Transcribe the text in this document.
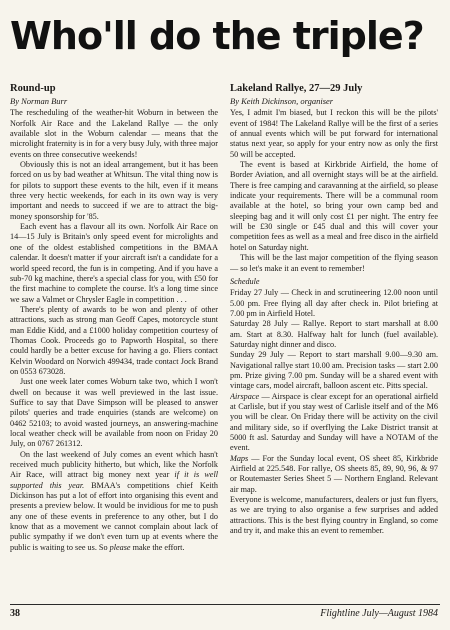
Who'll do the triple?
Round-up
By Norman Burr

The rescheduling of the weather-hit Woburn in between the Norfolk Air Race and the Lakeland Rallye — the only available slot in the Woburn calendar — means that the microlight fraternity is in for a very busy July, with three major events on three consecutive weekends!

Obviously this is not an ideal arrangement, but it has been forced on us by bad weather at Whitsun. The vital thing now is for pilots to support these events to the hilt, even if it means three very hectic weekends, for each in its own way is very important and needs to succeed if we are to attract the big-money sponsorship for '85.

Each event has a flavour all its own. Norfolk Air Race on 14—15 July is Britain's only speed event for microlights and one of the oldest established competitions in the BMAA calendar. It doesn't matter if your aircraft isn't a candidate for a world speed record, the fun is in competing. And if you have a sub-70 kg machine, there's a special class for you, with £50 for the first machine to complete the course. It's a long time since we saw a Valmet or Chrysler Eagle in competition . . .

There's plenty of awards to be won and plenty of other attractions, such as strong man Geoff Capes, motorcycle stunt man Eddie Kidd, and a £1000 holiday competition courtesy of Thomas Cook. Proceeds go to Papworth Hospital, so there could hardly be a better excuse for having a go. Fliers contact Kelvin Woodard on Norwich 499434, trade contact Jock Brand on 0553 673028.

Just one week later comes Woburn take two, which I won't dwell on because it was well previewed in the last issue. Suffice to say that Dave Simpson will be pleased to answer pilots' queries and trade enquiries (stands are welcome) on 0462 52103; to avoid wasted journeys, an answering-machine local weather check will be available from noon on Friday 20 July, on 0767 261312.

On the last weekend of July comes an event which hasn't received much publicity hitherto, but which, like the Norfolk Air Race, will attract big money next year if it is well supported this year. BMAA's competitions chief Keith Dickinson has put a lot of effort into organising this event and presents a preview below. It would be invidious for me to push any one of these events in preference to any other, but I do know that as a movement we cannot complain about lack of public sympathy if we don't even turn up at events where the public is waiting to see us. So please make the effort.

Lakeland Rallye, 27—29 July
By Keith Dickinson, organiser

Yes, I admit I'm biased, but I reckon this will be the pilots' event of 1984! The Lakeland Rallye will be the first of a series of annual events which will be put forward for international status next year, so apply for your entry now as only the first 50 will be accepted.

The event is based at Kirkbride Airfield, the home of Border Aviation, and all overnight stays will be at the airfield. There is free camping and caravanning at the airfield, so please indicate your requirements. There will be a communal room available at the hotel, so bring your own camp bed and sleeping bag and it will only cost £1 per night. The entry fee will be £30 single or £45 dual and this will cover your competition fees as well as a meal and free disco in the airfield hotel on Saturday night.

This will be the last major competition of the flying season — so let's make it an event to remember!

Schedule

Friday 27 July — Check in and scrutineering 12.00 noon until 5.00 pm. Free flying all day after check in. Pilot briefing at 7.00 pm in Airfield Hotel.

Saturday 28 July — Rallye. Report to start marshall at 8.00 am. Start at 8.30. Halfway halt for lunch (fuel available). Saturday night dinner and disco.

Sunday 29 July — Report to start marshall 9.00—9.30 am. Navigational rallye start 10.00 am. Precision tasks — start 2.00 pm. Prize giving 7.00 pm. Sunday will be a shared event with vintage cars, model aircraft, balloon ascent etc. Pitts special.

Airspace — Airspace is clear except for an operational airfield at Carlisle, but if you stay west of Carlisle itself and of the M6 you will be clear. On Friday there will be activity on the civil and military side, so if overflying the Lake District transit at 5000 ft asl. Saturday and Sunday will have a NOTAM of the event.

Maps — For the Sunday local event, OS sheet 85, Kirkbride Airfield at 225.548. For rallye, OS sheets 85, 89, 90, 96, & 97 or Routemaster Series Sheet 5 — Northern England. Relevant air map.

Everyone is welcome, manufacturers, dealers or just fun flyers, as we are trying to also organise a few surprises and added attractions. This is the best flying country in England, so come and try it, and make this an event to remember.

38	Flightline July—August 1984
